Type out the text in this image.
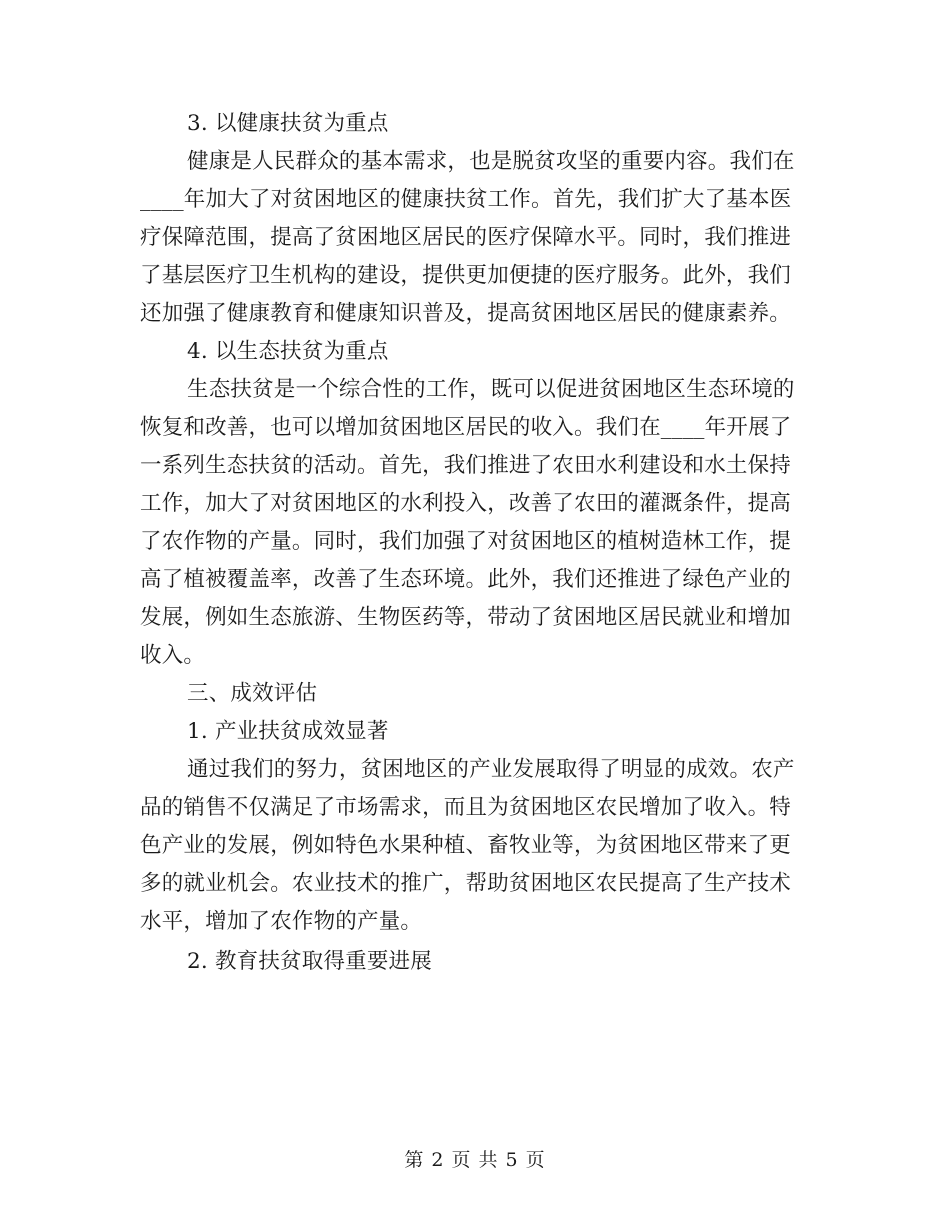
3. 以健康扶贫为重点
健康是人民群众的基本需求，也是脱贫攻坚的重要内容。我们在
____年加大了对贫困地区的健康扶贫工作。首先，我们扩大了基本医
疗保障范围，提高了贫困地区居民的医疗保障水平。同时，我们推进
了基层医疗卫生机构的建设，提供更加便捷的医疗服务。此外，我们
还加强了健康教育和健康知识普及，提高贫困地区居民的健康素养。
4. 以生态扶贫为重点
生态扶贫是一个综合性的工作，既可以促进贫困地区生态环境的
恢复和改善，也可以增加贫困地区居民的收入。我们在____年开展了
一系列生态扶贫的活动。首先，我们推进了农田水利建设和水土保持
工作，加大了对贫困地区的水利投入，改善了农田的灌溉条件，提高
了农作物的产量。同时，我们加强了对贫困地区的植树造林工作，提
高了植被覆盖率，改善了生态环境。此外，我们还推进了绿色产业的
发展，例如生态旅游、生物医药等，带动了贫困地区居民就业和增加
收入。
三、成效评估
1. 产业扶贫成效显著
通过我们的努力，贫困地区的产业发展取得了明显的成效。农产
品的销售不仅满足了市场需求，而且为贫困地区农民增加了收入。特
色产业的发展，例如特色水果种植、畜牧业等，为贫困地区带来了更
多的就业机会。农业技术的推广，帮助贫困地区农民提高了生产技术
水平，增加了农作物的产量。
2. 教育扶贫取得重要进展
第 2 页 共 5 页
